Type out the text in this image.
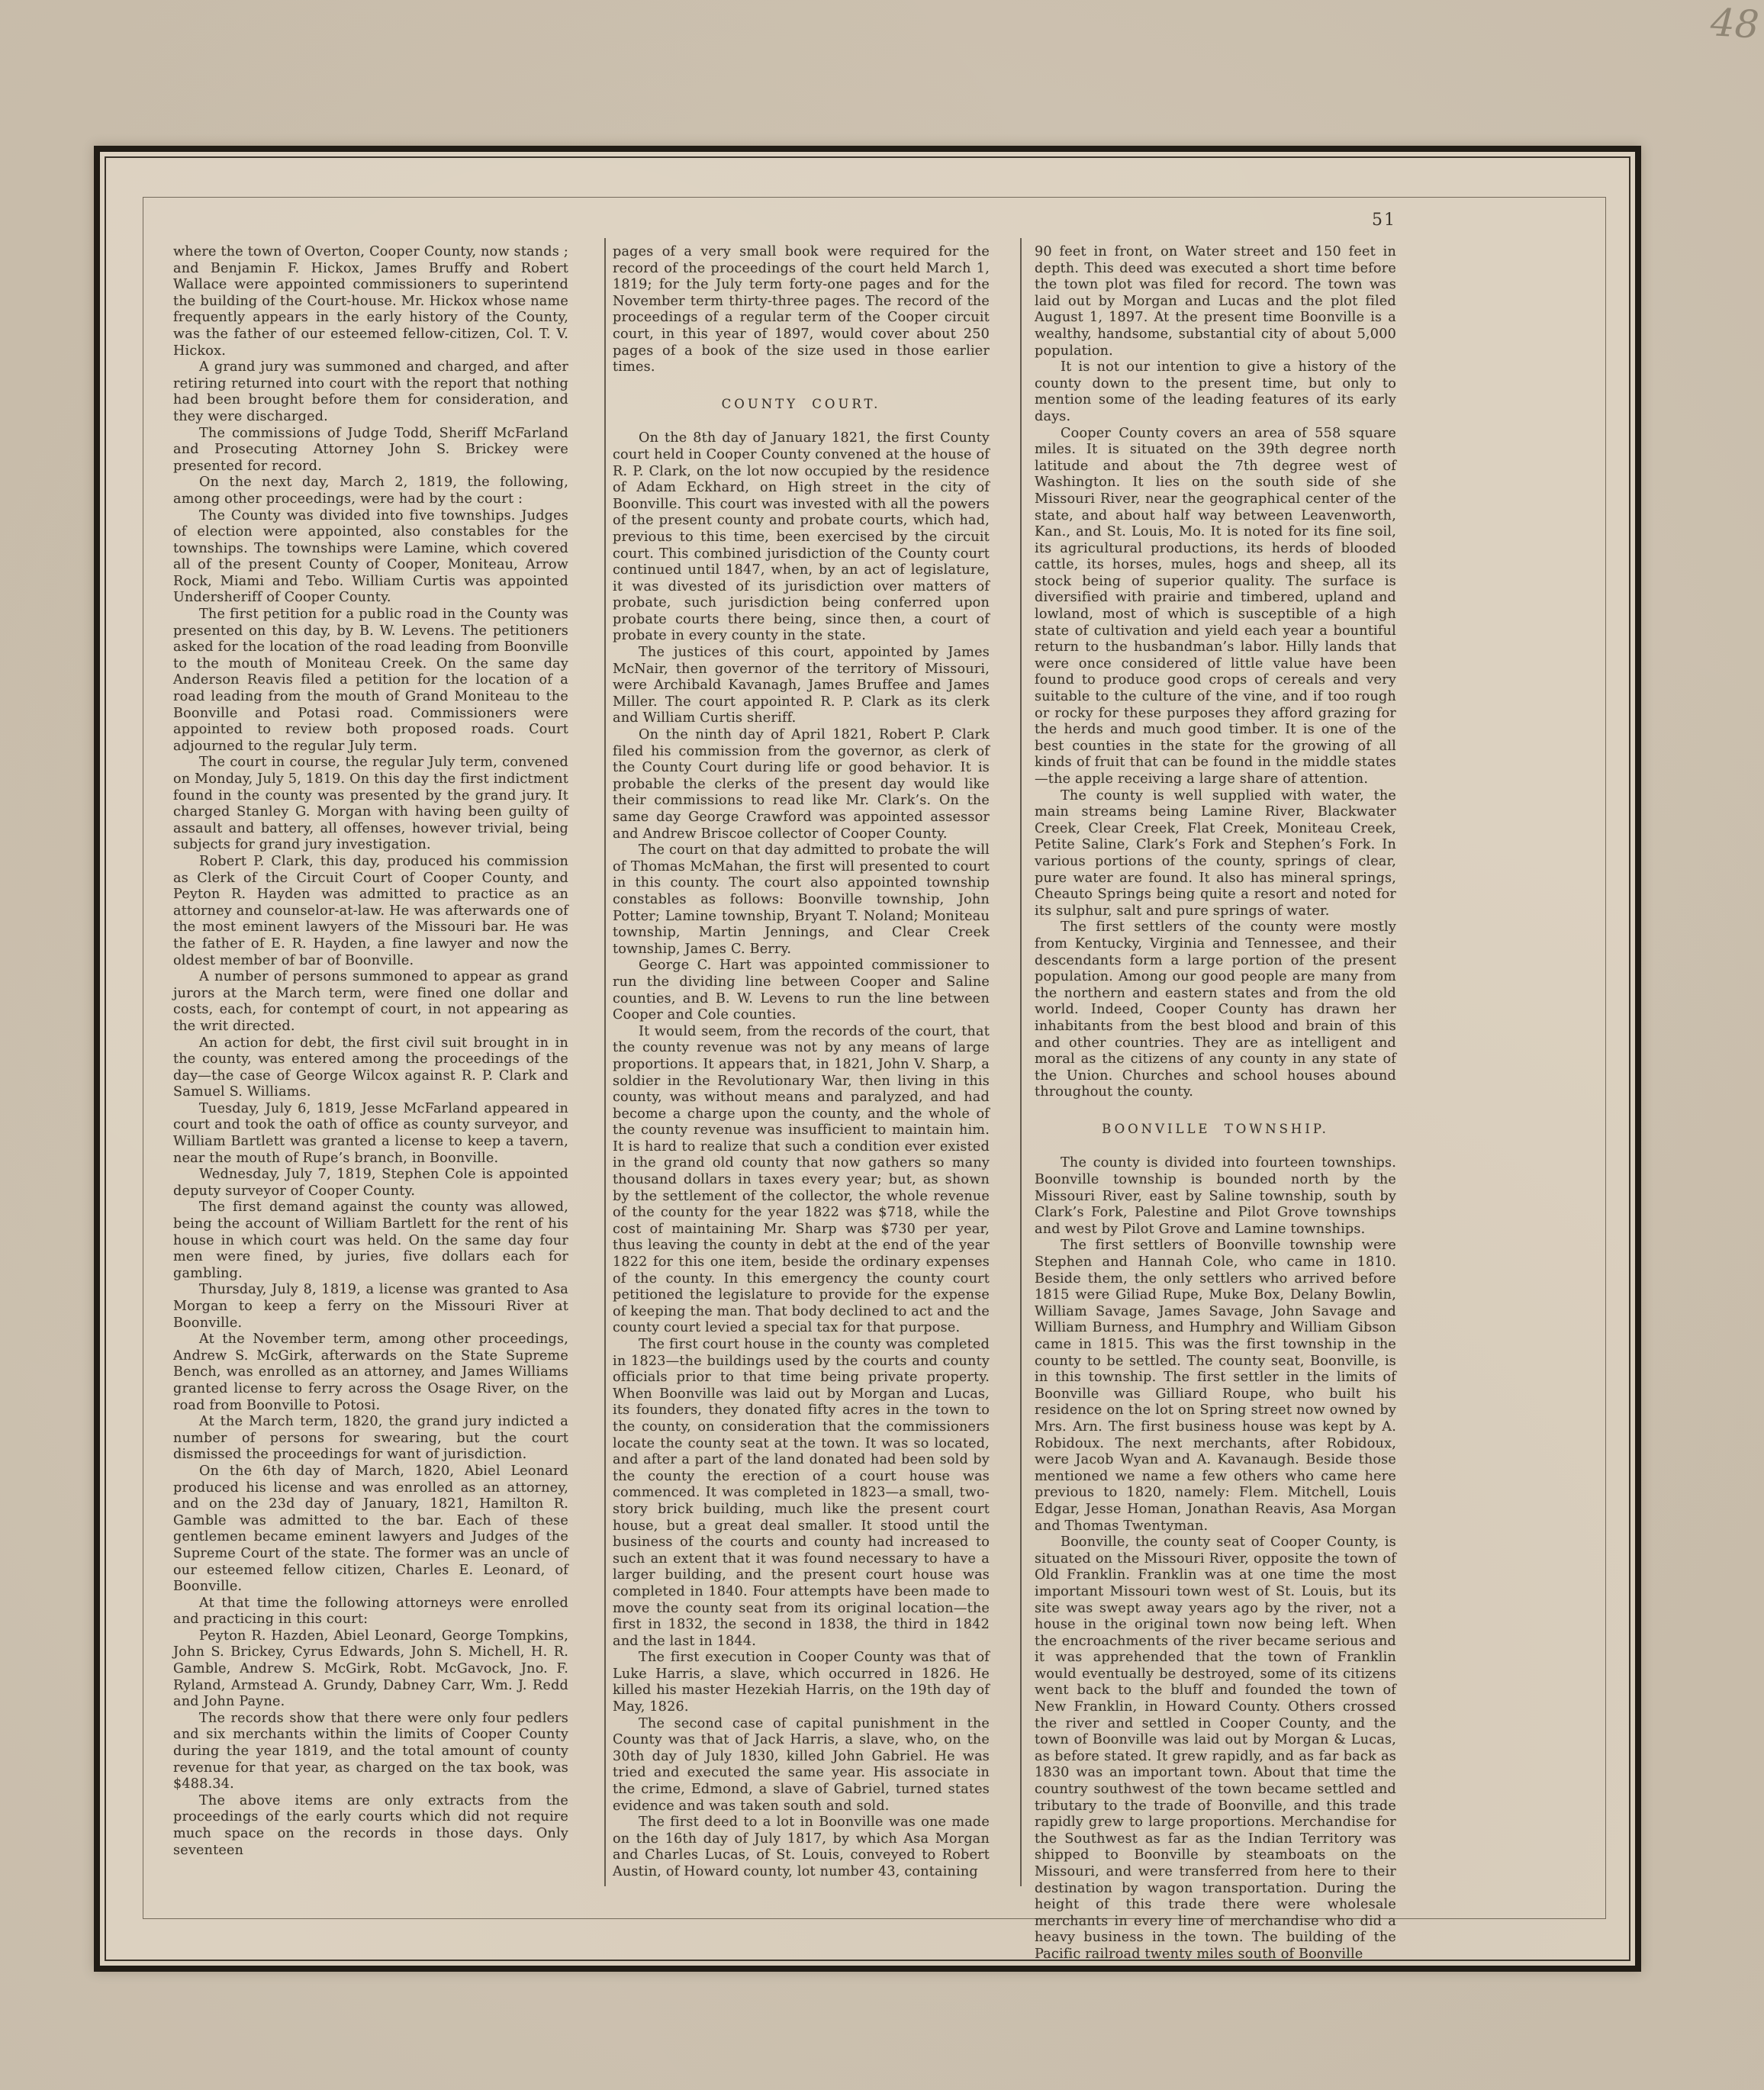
48
51

where the town of Overton, Cooper County, now stands ; and Benjamin F. Hickox, James Bruffy and Robert Wallace were appointed commissioners to superintend the building of the Court-house. Mr. Hickox whose name frequently appears in the early history of the County, was the father of our esteemed fellow-citizen, Col. T. V. Hickox.

A grand jury was summoned and charged, and after retiring returned into court with the report that nothing had been brought before them for consideration, and they were discharged.

The commissions of Judge Todd, Sheriff McFarland and Prosecuting Attorney John S. Brickey were presented for record.

On the next day, March 2, 1819, the following, among other proceedings, were had by the court :

The County was divided into five townships. Judges of election were appointed, also constables for the townships. The townships were Lamine, which covered all of the present County of Cooper, Moniteau, Arrow Rock, Miami and Tebo. William Curtis was appointed Undersheriff of Cooper County.

The first petition for a public road in the County was presented on this day, by B. W. Levens. The petitioners asked for the location of the road leading from Boonville to the mouth of Moniteau Creek. On the same day Anderson Reavis filed a petition for the location of a road leading from the mouth of Grand Moniteau to the Boonville and Potasi road. Commissioners were appointed to review both proposed roads. Court adjourned to the regular July term.

The court in course, the regular July term, convened on Monday, July 5, 1819. On this day the first indictment found in the county was presented by the grand jury. It charged Stanley G. Morgan with having been guilty of assault and battery, all offenses, however trivial, being subjects for grand jury investigation.

Robert P. Clark, this day, produced his commission as Clerk of the Circuit Court of Cooper County, and Peyton R. Hayden was admitted to practice as an attorney and counselor-at-law. He was afterwards one of the most eminent lawyers of the Missouri bar. He was the father of E. R. Hayden, a fine lawyer and now the oldest member of bar of Boonville.

A number of persons summoned to appear as grand jurors at the March term, were fined one dollar and costs, each, for contempt of court, in not appearing as the writ directed.

An action for debt, the first civil suit brought in in the county, was entered among the proceedings of the day—the case of George Wilcox against R. P. Clark and Samuel S. Williams.

Tuesday, July 6, 1819, Jesse McFarland appeared in court and took the oath of office as county surveyor, and William Bartlett was granted a license to keep a tavern, near the mouth of Rupe’s branch, in Boonville.

Wednesday, July 7, 1819, Stephen Cole is appointed deputy surveyor of Cooper County.

The first demand against the county was allowed, being the account of William Bartlett for the rent of his house in which court was held. On the same day four men were fined, by juries, five dollars each for gambling.

Thursday, July 8, 1819, a license was granted to Asa Morgan to keep a ferry on the Missouri River at Boonville.

At the November term, among other proceedings, Andrew S. McGirk, afterwards on the State Supreme Bench, was enrolled as an attorney, and James Williams granted license to ferry across the Osage River, on the road from Boonville to Potosi.

At the March term, 1820, the grand jury indicted a number of persons for swearing, but the court dismissed the proceedings for want of jurisdiction.

On the 6th day of March, 1820, Abiel Leonard produced his license and was enrolled as an attorney, and on the 23d day of January, 1821, Hamilton R. Gamble was admitted to the bar. Each of these gentlemen became eminent lawyers and Judges of the Supreme Court of the state. The former was an uncle of our esteemed fellow citizen, Charles E. Leonard, of Boonville.

At that time the following attorneys were enrolled and practicing in this court:

Peyton R. Hazden, Abiel Leonard, George Tompkins, John S. Brickey, Cyrus Edwards, John S. Michell, H. R. Gamble, Andrew S. McGirk, Robt. McGavock, Jno. F. Ryland, Armstead A. Grundy, Dabney Carr, Wm. J. Redd and John Payne.

The records show that there were only four pedlers and six merchants within the limits of Cooper County during the year 1819, and the total amount of county revenue for that year, as charged on the tax book, was $488.34.

The above items are only extracts from the proceedings of the early courts which did not require much space on the records in those days. Only seventeen

pages of a very small book were required for the record of the proceedings of the court held March 1, 1819; for the July term forty-one pages and for the November term thirty-three pages. The record of the proceedings of a regular term of the Cooper circuit court, in this year of 1897, would cover about 250 pages of a book of the size used in those earlier times.

COUNTY COURT.

On the 8th day of January 1821, the first County court held in Cooper County convened at the house of R. P. Clark, on the lot now occupied by the residence of Adam Eckhard, on High street in the city of Boonville. This court was invested with all the powers of the present county and probate courts, which had, previous to this time, been exercised by the circuit court. This combined jurisdiction of the County court continued until 1847, when, by an act of legislature, it was divested of its jurisdiction over matters of probate, such jurisdiction being conferred upon probate courts there being, since then, a court of probate in every county in the state.

The justices of this court, appointed by James McNair, then governor of the territory of Missouri, were Archibald Kavanagh, James Bruffee and James Miller. The court appointed R. P. Clark as its clerk and William Curtis sheriff.

On the ninth day of April 1821, Robert P. Clark filed his commission from the governor, as clerk of the County Court during life or good behavior. It is probable the clerks of the present day would like their commissions to read like Mr. Clark’s. On the same day George Crawford was appointed assessor and Andrew Briscoe collector of Cooper County.

The court on that day admitted to probate the will of Thomas McMahan, the first will presented to court in this county. The court also appointed township constables as follows: Boonville township, John Potter; Lamine township, Bryant T. Noland; Moniteau township, Martin Jennings, and Clear Creek township, James C. Berry.

George C. Hart was appointed commissioner to run the dividing line between Cooper and Saline counties, and B. W. Levens to run the line between Cooper and Cole counties.

It would seem, from the records of the court, that the county revenue was not by any means of large proportions. It appears that, in 1821, John V. Sharp, a soldier in the Revolutionary War, then living in this county, was without means and paralyzed, and had become a charge upon the county, and the whole of the county revenue was insufficient to maintain him. It is hard to realize that such a condition ever existed in the grand old county that now gathers so many thousand dollars in taxes every year; but, as shown by the settlement of the collector, the whole revenue of the county for the year 1822 was $718, while the cost of maintaining Mr. Sharp was $730 per year, thus leaving the county in debt at the end of the year 1822 for this one item, beside the ordinary expenses of the county. In this emergency the county court petitioned the legislature to provide for the expense of keeping the man. That body declined to act and the county court levied a special tax for that purpose.

The first court house in the county was completed in 1823—the buildings used by the courts and county officials prior to that time being private property. When Boonville was laid out by Morgan and Lucas, its founders, they donated fifty acres in the town to the county, on consideration that the commissioners locate the county seat at the town. It was so located, and after a part of the land donated had been sold by the county the erection of a court house was commenced. It was completed in 1823—a small, two-story brick building, much like the present court house, but a great deal smaller. It stood until the business of the courts and county had increased to such an extent that it was found necessary to have a larger building, and the present court house was completed in 1840. Four attempts have been made to move the county seat from its original location—the first in 1832, the second in 1838, the third in 1842 and the last in 1844.

The first execution in Cooper County was that of Luke Harris, a slave, which occurred in 1826. He killed his master Hezekiah Harris, on the 19th day of May, 1826.

The second case of capital punishment in the County was that of Jack Harris, a slave, who, on the 30th day of July 1830, killed John Gabriel. He was tried and executed the same year. His associate in the crime, Edmond, a slave of Gabriel, turned states evidence and was taken south and sold.

The first deed to a lot in Boonville was one made on the 16th day of July 1817, by which Asa Morgan and Charles Lucas, of St. Louis, conveyed to Robert Austin, of Howard county, lot number 43, containing

90 feet in front, on Water street and 150 feet in depth. This deed was executed a short time before the town plot was filed for record. The town was laid out by Morgan and Lucas and the plot filed August 1, 1897. At the present time Boonville is a wealthy, handsome, substantial city of about 5,000 population.

It is not our intention to give a history of the county down to the present time, but only to mention some of the leading features of its early days.

Cooper County covers an area of 558 square miles. It is situated on the 39th degree north latitude and about the 7th degree west of Washington. It lies on the south side of she Missouri River, near the geographical center of the state, and about half way between Leavenworth, Kan., and St. Louis, Mo. It is noted for its fine soil, its agricultural productions, its herds of blooded cattle, its horses, mules, hogs and sheep, all its stock being of superior quality. The surface is diversified with prairie and timbered, upland and lowland, most of which is susceptible of a high state of cultivation and yield each year a bountiful return to the husbandman’s labor. Hilly lands that were once considered of little value have been found to produce good crops of cereals and very suitable to the culture of the vine, and if too rough or rocky for these purposes they afford grazing for the herds and much good timber. It is one of the best counties in the state for the growing of all kinds of fruit that can be found in the middle states—the apple receiving a large share of attention.

The county is well supplied with water, the main streams being Lamine River, Blackwater Creek, Clear Creek, Flat Creek, Moniteau Creek, Petite Saline, Clark’s Fork and Stephen’s Fork. In various portions of the county, springs of clear, pure water are found. It also has mineral springs, Cheauto Springs being quite a resort and noted for its sulphur, salt and pure springs of water.

The first settlers of the county were mostly from Kentucky, Virginia and Tennessee, and their descendants form a large portion of the present population. Among our good people are many from the northern and eastern states and from the old world. Indeed, Cooper County has drawn her inhabitants from the best blood and brain of this and other countries. They are as intelligent and moral as the citizens of any county in any state of the Union. Churches and school houses abound throughout the county.

BOONVILLE TOWNSHIP.

The county is divided into fourteen townships. Boonville township is bounded north by the Missouri River, east by Saline township, south by Clark’s Fork, Palestine and Pilot Grove townships and west by Pilot Grove and Lamine townships.

The first settlers of Boonville township were Stephen and Hannah Cole, who came in 1810. Beside them, the only settlers who arrived before 1815 were Giliad Rupe, Muke Box, Delany Bowlin, William Savage, James Savage, John Savage and William Burness, and Humphry and William Gibson came in 1815. This was the first township in the county to be settled. The county seat, Boonville, is in this township. The first settler in the limits of Boonville was Gilliard Roupe, who built his residence on the lot on Spring street now owned by Mrs. Arn. The first business house was kept by A. Robidoux. The next merchants, after Robidoux, were Jacob Wyan and A. Kavanaugh. Beside those mentioned we name a few others who came here previous to 1820, namely: Flem. Mitchell, Louis Edgar, Jesse Homan, Jonathan Reavis, Asa Morgan and Thomas Twentyman.

Boonville, the county seat of Cooper County, is situated on the Missouri River, opposite the town of Old Franklin. Franklin was at one time the most important Missouri town west of St. Louis, but its site was swept away years ago by the river, not a house in the original town now being left. When the encroachments of the river became serious and it was apprehended that the town of Franklin would eventually be destroyed, some of its citizens went back to the bluff and founded the town of New Franklin, in Howard County. Others crossed the river and settled in Cooper County, and the town of Boonville was laid out by Morgan & Lucas, as before stated. It grew rapidly, and as far back as 1830 was an important town. About that time the country southwest of the town became settled and tributary to the trade of Boonville, and this trade rapidly grew to large proportions. Merchandise for the Southwest as far as the Indian Territory was shipped to Boonville by steamboats on the Missouri, and were transferred from here to their destination by wagon transportation. During the height of this trade there were wholesale merchants in every line of merchandise who did a heavy business in the town. The building of the Pacific railroad twenty miles south of Boonville
